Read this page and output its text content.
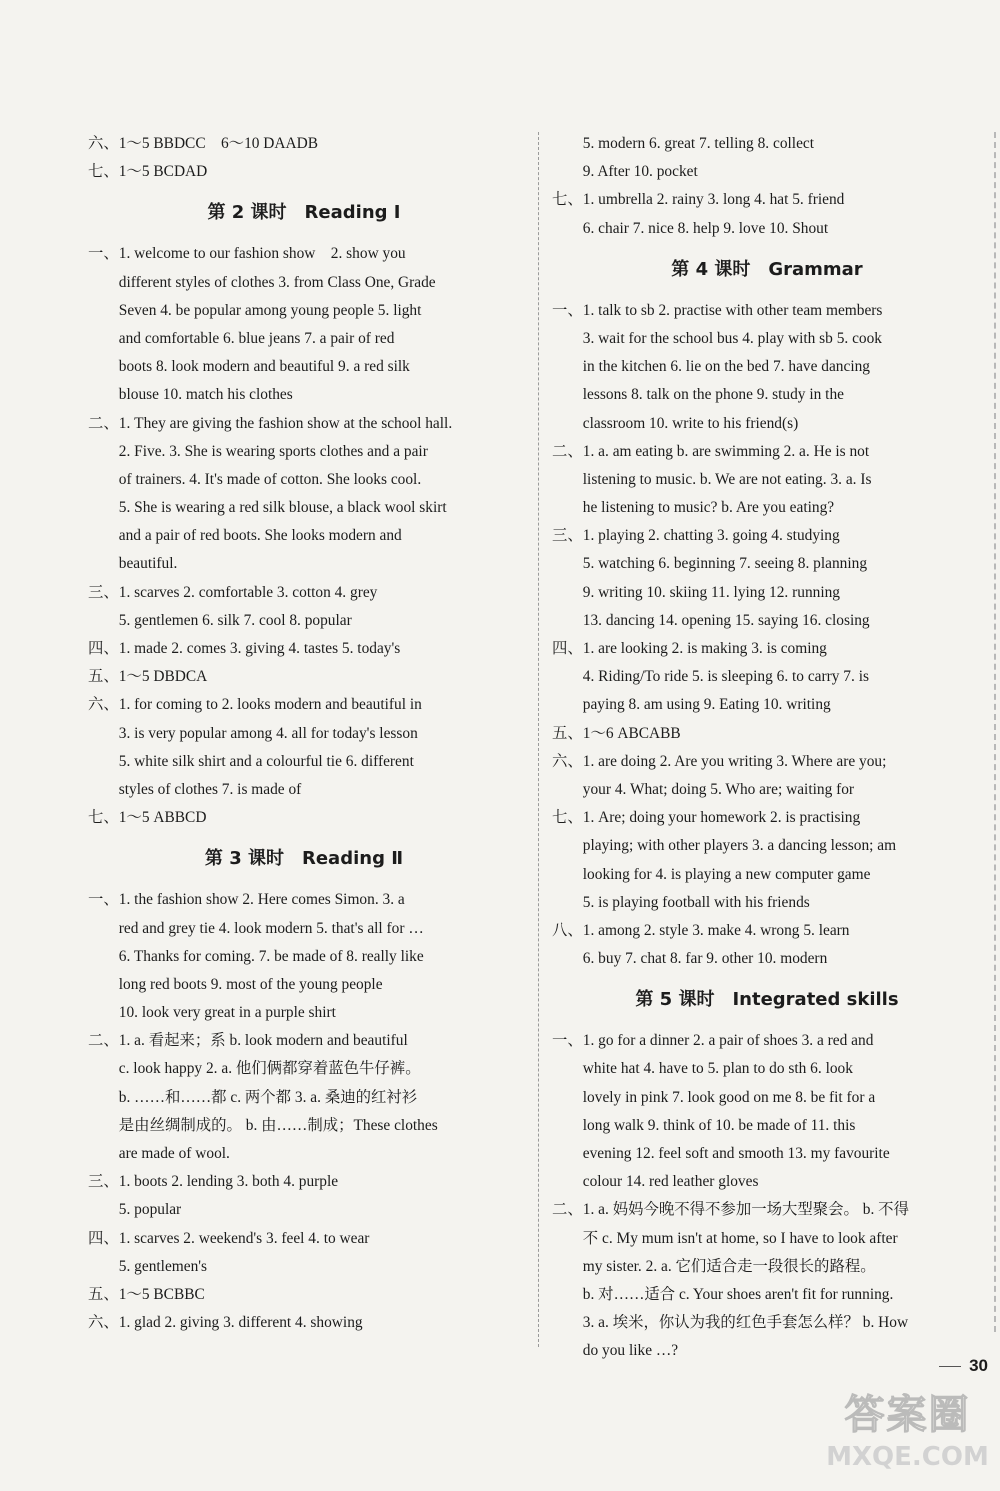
六、1～5 BBDCC　6～10 DAADB
七、1～5 BCDAD
第 2 课时　Reading Ⅰ
一、1. welcome to our fashion show　2. show you
　　different styles of clothes 3. from Class One, Grade
　　Seven 4. be popular among young people 5. light
　　and comfortable 6. blue jeans 7. a pair of red
　　boots 8. look modern and beautiful 9. a red silk
　　blouse 10. match his clothes
二、1. They are giving the fashion show at the school hall.
　　2. Five. 3. She is wearing sports clothes and a pair
　　of trainers. 4. It's made of cotton. She looks cool.
　　5. She is wearing a red silk blouse, a black wool skirt
　　and a pair of red boots. She looks modern and
　　beautiful.
三、1. scarves 2. comfortable 3. cotton 4. grey
　　5. gentlemen 6. silk 7. cool 8. popular
四、1. made 2. comes 3. giving 4. tastes 5. today's
五、1～5 DBDCA
六、1. for coming to 2. looks modern and beautiful in
　　3. is very popular among 4. all for today's lesson
　　5. white silk shirt and a colourful tie 6. different
　　styles of clothes 7. is made of
七、1～5 ABBCD
第 3 课时　Reading Ⅱ
一、1. the fashion show 2. Here comes Simon. 3. a
　　red and grey tie 4. look modern 5. that's all for …
　　6. Thanks for coming. 7. be made of 8. really like
　　long red boots 9. most of the young people
　　10. look very great in a purple shirt
二、1. a. 看起来；系 b. look modern and beautiful
　　c. look happy 2. a. 他们俩都穿着蓝色牛仔裤。
　　b. ……和……都 c. 两个都 3. a. 桑迪的红衬衫
　　是由丝绸制成的。 b. 由……制成；These clothes
　　are made of wool.
三、1. boots 2. lending 3. both 4. purple
　　5. popular
四、1. scarves 2. weekend's 3. feel 4. to wear
　　5. gentlemen's
五、1～5 BCBBC
六、1. glad 2. giving 3. different 4. showing
　　5. modern 6. great 7. telling 8. collect
　　9. After 10. pocket
七、1. umbrella 2. rainy 3. long 4. hat 5. friend
　　6. chair 7. nice 8. help 9. love 10. Shout
第 4 课时　Grammar
一、1. talk to sb 2. practise with other team members
　　3. wait for the school bus 4. play with sb 5. cook
　　in the kitchen 6. lie on the bed 7. have dancing
　　lessons 8. talk on the phone 9. study in the
　　classroom 10. write to his friend(s)
二、1. a. am eating b. are swimming 2. a. He is not
　　listening to music. b. We are not eating. 3. a. Is
　　he listening to music? b. Are you eating?
三、1. playing 2. chatting 3. going 4. studying
　　5. watching 6. beginning 7. seeing 8. planning
　　9. writing 10. skiing 11. lying 12. running
　　13. dancing 14. opening 15. saying 16. closing
四、1. are looking 2. is making 3. is coming
　　4. Riding/To ride 5. is sleeping 6. to carry 7. is
　　paying 8. am using 9. Eating 10. writing
五、1～6 ABCABB
六、1. are doing 2. Are you writing 3. Where are you;
　　your 4. What; doing 5. Who are; waiting for
七、1. Are; doing your homework 2. is practising
　　playing; with other players 3. a dancing lesson; am
　　looking for 4. is playing a new computer game
　　5. is playing football with his friends
八、1. among 2. style 3. make 4. wrong 5. learn
　　6. buy 7. chat 8. far 9. other 10. modern
第 5 课时　Integrated skills
一、1. go for a dinner 2. a pair of shoes 3. a red and
　　white hat 4. have to 5. plan to do sth 6. look
　　lovely in pink 7. look good on me 8. be fit for a
　　long walk 9. think of 10. be made of 11. this
　　evening 12. feel soft and smooth 13. my favourite
　　colour 14. red leather gloves
二、1. a. 妈妈今晚不得不参加一场大型聚会。 b. 不得
　　不 c. My mum isn't at home, so I have to look after
　　my sister. 2. a. 它们适合走一段很长的路程。
　　b. 对……适合 c. Your shoes aren't fit for running.
　　3. a. 埃米，你认为我的红色手套怎么样？ b. How
　　do you like …?
30
答案圈
MXQE.COM
